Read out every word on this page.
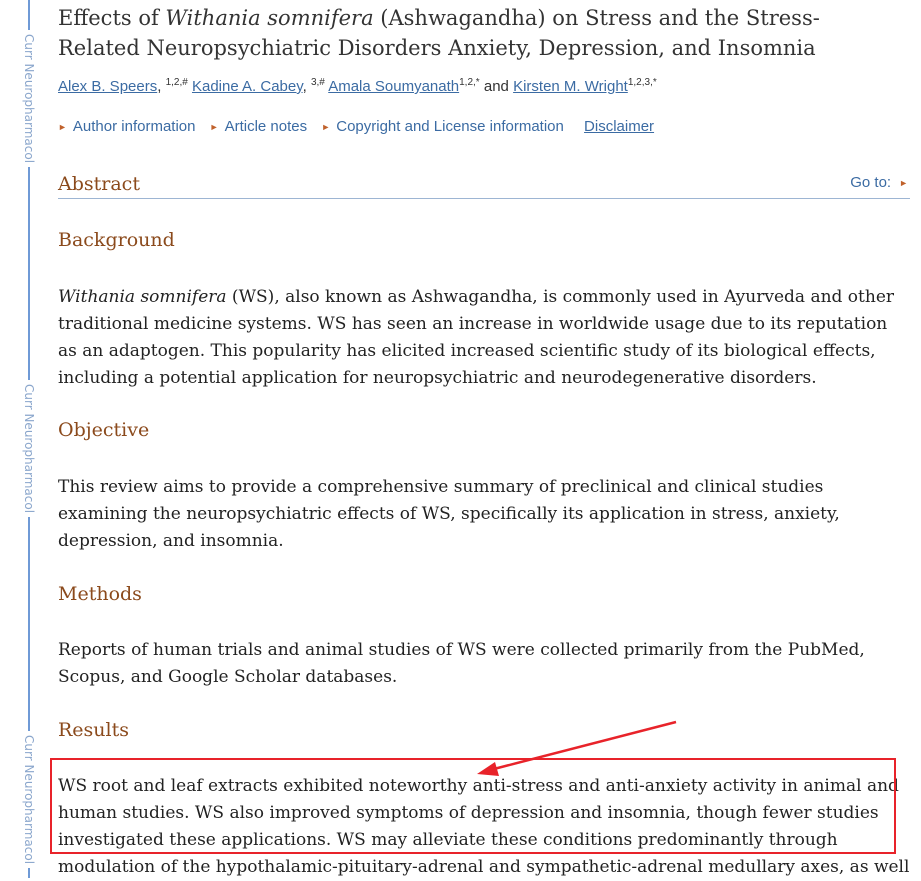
Curr Neuropharmacol
Curr Neuropharmacol
Curr Neuropharmacol
Effects of Withania somnifera (Ashwagandha) on Stress and the Stress-Related Neuropsychiatric Disorders Anxiety, Depression, and Insomnia
Alex B. Speers, $^{1,2,\#}$ Kadine A. Cabey, $^{3,\#}$ Amala Soumyanath$^{1,2,*}$ and Kirsten M. Wright$^{1,2,3,*}$
► Author information ► Article notes ► Copyright and License information Disclaimer
Abstract	Go to: ►
Background

Withania somnifera (WS), also known as Ashwagandha, is commonly used in Ayurveda and other traditional medicine systems. WS has seen an increase in worldwide usage due to its reputation as an adaptogen. This popularity has elicited increased scientific study of its biological effects, including a potential application for neuropsychiatric and neurodegenerative disorders.

Objective

This review aims to provide a comprehensive summary of preclinical and clinical studies examining the neuropsychiatric effects of WS, specifically its application in stress, anxiety, depression, and insomnia.

Methods

Reports of human trials and animal studies of WS were collected primarily from the PubMed, Scopus, and Google Scholar databases.

Results

WS root and leaf extracts exhibited noteworthy anti-stress and anti-anxiety activity in animal and human studies. WS also improved symptoms of depression and insomnia, though fewer studies investigated these applications. WS may alleviate these conditions predominantly through modulation of the hypothalamic-pituitary-adrenal and sympathetic-adrenal medullary axes, as well
